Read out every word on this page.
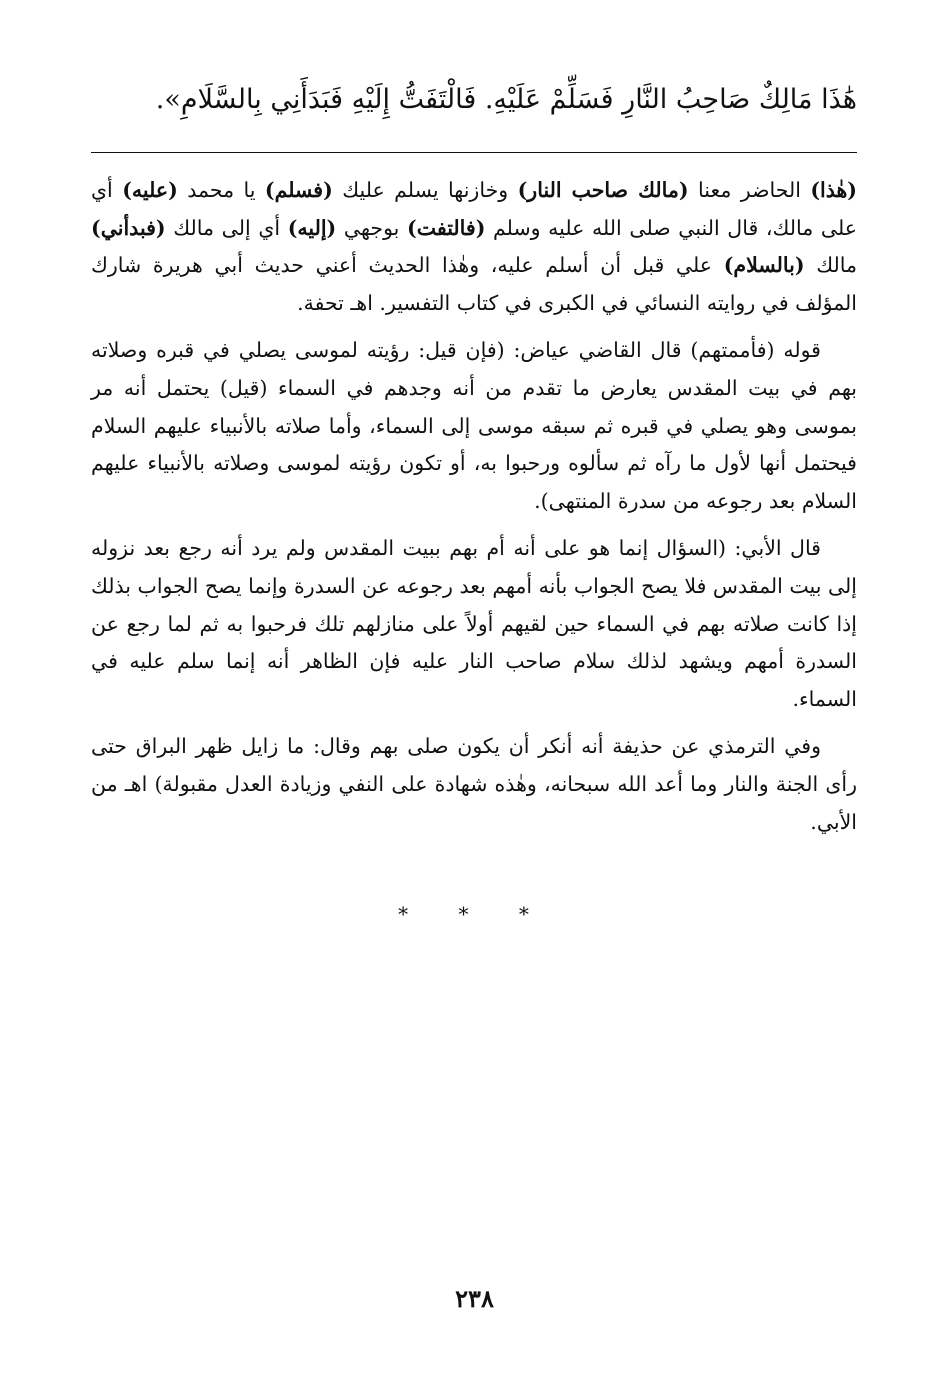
هَٰذَا مَالِكٌ صَاحِبُ النَّارِ فَسَلِّمْ عَلَيْهِ. فَالْتَفَتُّ إِلَيْهِ فَبَدَأَنِي بِالسَّلَامِ».

(هٰذا) الحاضر معنا (مالك صاحب النار) وخازنها يسلم عليك (فسلم) يا محمد (عليه) أي على مالك، قال النبي صلى الله عليه وسلم (فالتفت) بوجهي (إليه) أي إلى مالك (فبدأني) مالك (بالسلام) علي قبل أن أسلم عليه، وهٰذا الحديث أعني حديث أبي هريرة شارك المؤلف في روايته النسائي في الكبرى في كتاب التفسير. اهـ تحفة.

قوله (فأممتهم) قال القاضي عياض: (فإن قيل: رؤيته لموسى يصلي في قبره وصلاته بهم في بيت المقدس يعارض ما تقدم من أنه وجدهم في السماء (قيل) يحتمل أنه مر بموسى وهو يصلي في قبره ثم سبقه موسى إلى السماء، وأما صلاته بالأنبياء عليهم السلام فيحتمل أنها لأول ما رآه ثم سألوه ورحبوا به، أو تكون رؤيته لموسى وصلاته بالأنبياء عليهم السلام بعد رجوعه من سدرة المنتهى).

قال الأبي: (السؤال إنما هو على أنه أم بهم ببيت المقدس ولم يرد أنه رجع بعد نزوله إلى بيت المقدس فلا يصح الجواب بأنه أمهم بعد رجوعه عن السدرة وإنما يصح الجواب بذلك إذا كانت صلاته بهم في السماء حين لقيهم أولاً على منازلهم تلك فرحبوا به ثم لما رجع عن السدرة أمهم ويشهد لذلك سلام صاحب النار عليه فإن الظاهر أنه إنما سلم عليه في السماء.

وفي الترمذي عن حذيفة أنه أنكر أن يكون صلى بهم وقال: ما زايل ظهر البراق حتى رأى الجنة والنار وما أعد الله سبحانه، وهٰذه شهادة على النفي وزيادة العدل مقبولة) اهـ من الأبي.

* * *
٢٣٨
